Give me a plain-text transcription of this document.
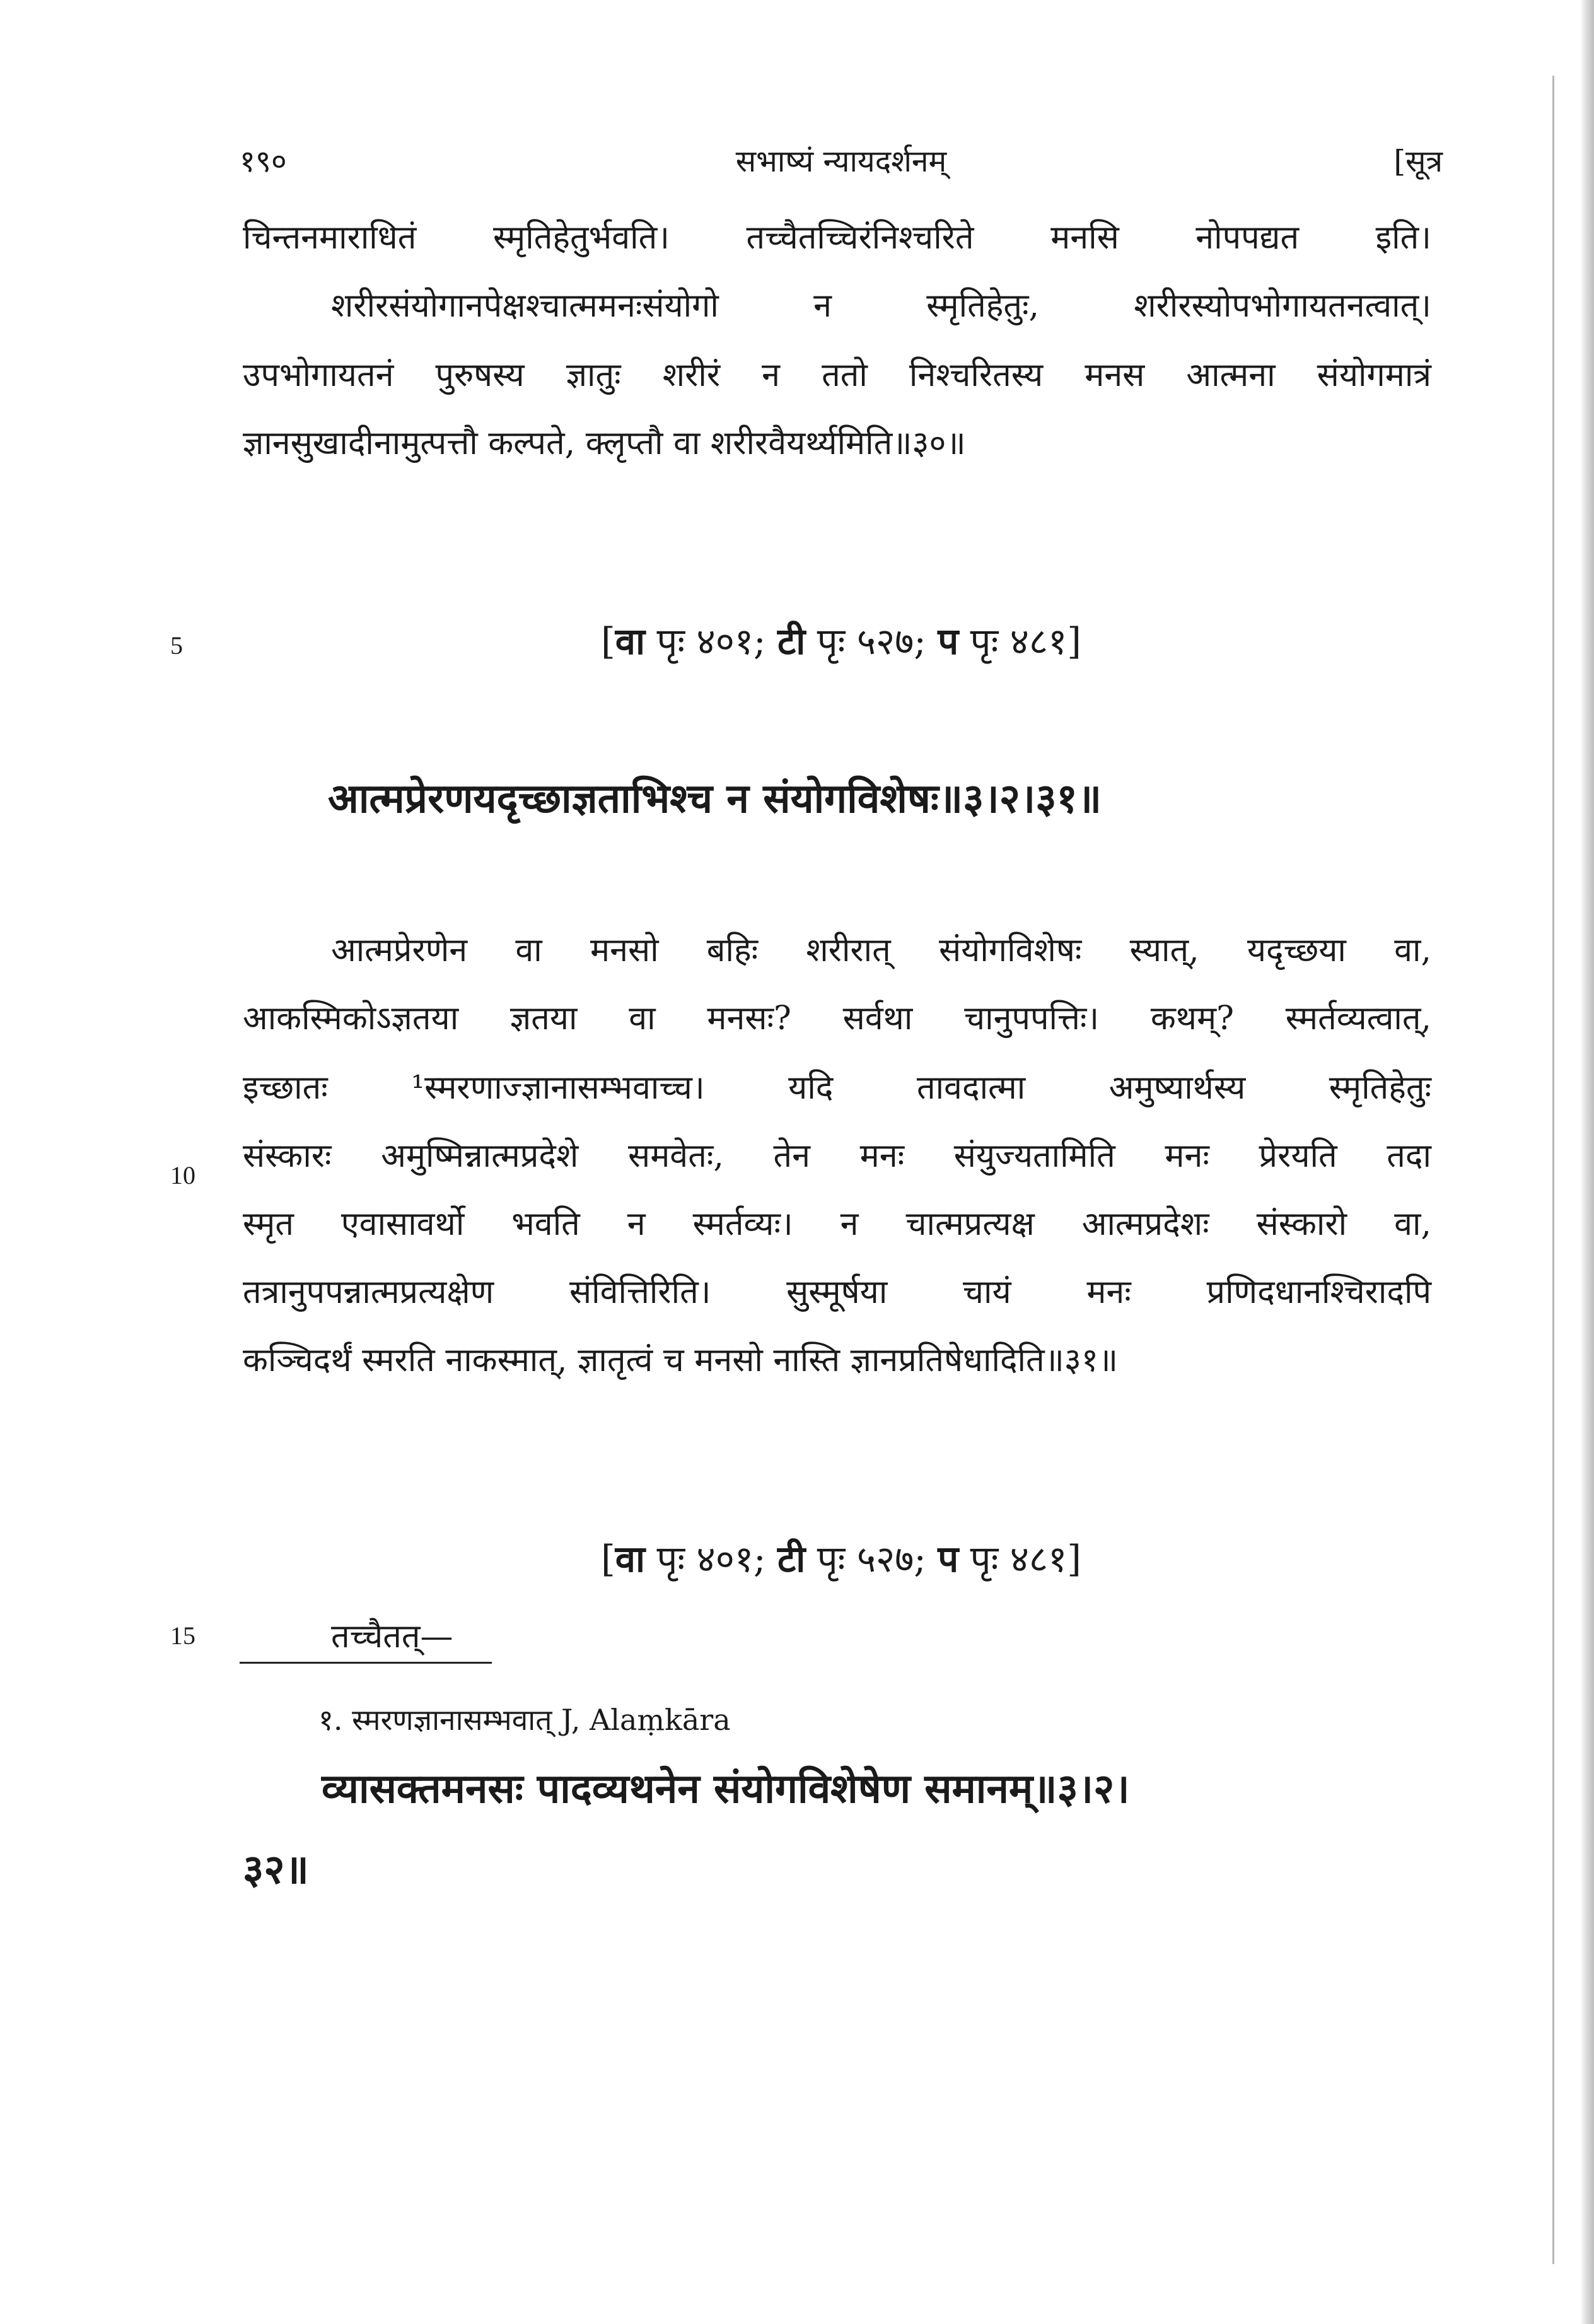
१९०	सभाष्यं न्यायदर्शनम्	[सूत्र
चिन्तनमाराधितं स्मृतिहेतुर्भवति। तच्चैतच्चिरंनिश्चरिते मनसि नोपपद्यत इति।
शरीरसंयोगानपेक्षश्चात्ममनःसंयोगो न स्मृतिहेतुः, शरीरस्योपभोगायतनत्वात्।
उपभोगायतनं पुरुषस्य ज्ञातुः शरीरं न ततो निश्चरितस्य मनस आत्मना संयोगमात्रं
ज्ञानसुखादीनामुत्पत्तौ कल्पते, क्लृप्तौ वा शरीरवैयर्थ्यमिति॥३०॥
5
10
15
[वा पृः ४०१; टी पृः ५२७; प पृः ४८१]
आत्मप्रेरणयदृच्छाज्ञताभिश्च न संयोगविशेषः॥३।२।३१॥
आत्मप्रेरणेन वा मनसो बहिः शरीरात् संयोगविशेषः स्यात्, यदृच्छया वा,
आकस्मिकोऽज्ञतया ज्ञतया वा मनसः? सर्वथा चानुपपत्तिः। कथम्? स्मर्तव्यत्वात्,
इच्छातः ¹स्मरणाज्ज्ञानासम्भवाच्च। यदि तावदात्मा अमुष्यार्थस्य स्मृतिहेतुः
संस्कारः अमुष्मिन्नात्मप्रदेशे समवेतः, तेन मनः संयुज्यतामिति मनः प्रेरयति तदा
स्मृत एवासावर्थो भवति न स्मर्तव्यः। न चात्मप्रत्यक्ष आत्मप्रदेशः संस्कारो वा,
तत्रानुपपन्नात्मप्रत्यक्षेण संवित्तिरिति। सुस्मूर्षया चायं मनः प्रणिदधानश्चिरादपि
कञ्चिदर्थं स्मरति नाकस्मात्, ज्ञातृत्वं च मनसो नास्ति ज्ञानप्रतिषेधादिति॥३१॥
[वा पृः ४०१; टी पृः ५२७; प पृः ४८१]
तच्चैतत्—
व्यासक्तमनसः पादव्यथनेन संयोगविशेषेण समानम्॥३।२।
३२॥
१. स्मरणज्ञानासम्भवात् J, Alaṃkāra
